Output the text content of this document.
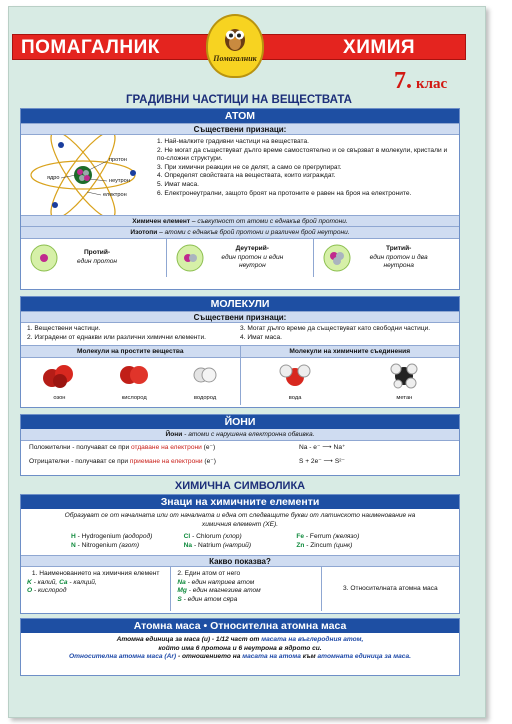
ПОМАГАЛНИК	ХИМИЯ
Помагалник
7. клас
ГРАДИВНИ ЧАСТИЦИ НА ВЕЩЕСТВАТА
АТОМ
Съществени признаци:
протон
ядро	неутрон
електрон
1. Най-малките градивни частици на веществата.
2. Не могат да съществуват дълго време самостоятелно и се свързват в молекули, кристали и по-сложни структури.
3. При химични реакции не се делят, а само се прегрупират.
4. Определят свойствата на веществата, които изграждат.
5. Имат маса.
6. Електронеутрални, защото броят на протоните е равен на броя на електроните.
Химичен елемент – съвкупност от атоми с еднакъв брой протони.
Изотопи – атоми с еднакъв брой протони и различен брой неутрони.
Протий-
един протон
Деутерий-
един протон и един неутрон
Тритий-
един протон и два неутрона
МОЛЕКУЛИ
Съществени признаци:
1. Веществени частици.
2. Изградени от еднакви или различни химични елементи.
3. Могат дълго време да съществуват като свободни частици.
4. Имат маса.
Молекули на простите вещества
озон	кислород	водород
Молекули на химичните съединения
вода	метан
ЙОНИ
Йони - атоми с нарушена електронна обвивка.
Положителни - получават се при отдаване на електрони (e⁻)	Na - e⁻ ⟶ Na⁺
Отрицателни - получават се при приемане на електрони (e⁻)	S + 2e⁻ ⟶ S²⁻
ХИМИЧНА СИМВОЛИКА
Знаци на химичните елементи
Образуват се от началната или от началната и една от следващите букви от латинското наименование на химичния елемент (ХЕ).
H - Hydrogenium (водород)
N - Nitrogenium (азот)
Cl - Chlorum (хлор)
Na - Natrium (натрий)
Fe - Ferrum (желязо)
Zn - Zincum (цинк)
Какво показва?
1. Наименованието на химичния елемент
K - калий, Ca - калций,
O - кислород
2. Един атом от него
Na - един натриев атом
Mg - един магнезиев атом
S - един атом сяра
3. Относителната атомна маса
Атомна маса • Относителна атомна маса
Атомна единица за маса (u) - 1/12 част от масата на въглеродния атом,
който има 6 протона и 6 неутрона в ядрото си.
Относителна атомна маса (Ar) - отношението на масата на атома към атомната единица за маса.
